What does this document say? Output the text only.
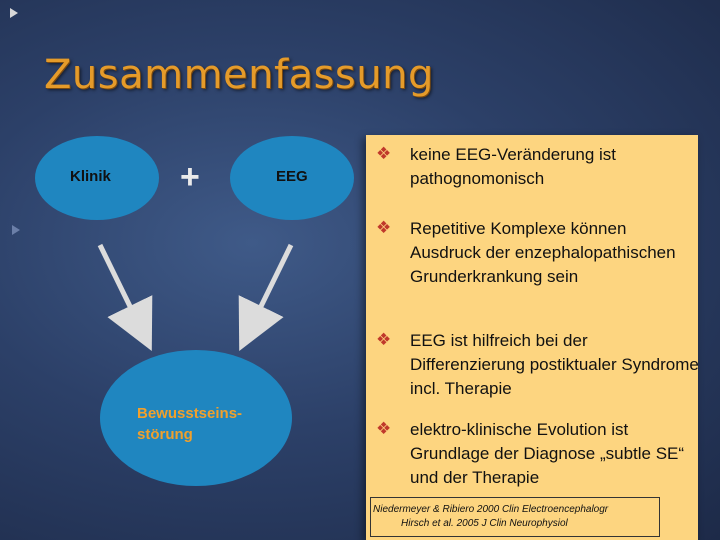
Zusammenfassung
Klinik	EEG
+
Bewusstseins-
störung
❖ keine EEG-Veränderung ist pathognomonisch
❖ Repetitive Komplexe können Ausdruck der enzephalopathischen Grunderkrankung sein
❖ EEG ist hilfreich bei der Differenzierung postiktualer Syndrome incl. Therapie
❖ elektro-klinische Evolution ist Grundlage der Diagnose „subtle SE“ und der Therapie
Niedermeyer & Ribiero 2000 Clin Electroencephalogr
Hirsch et al. 2005 J Clin Neurophysiol
